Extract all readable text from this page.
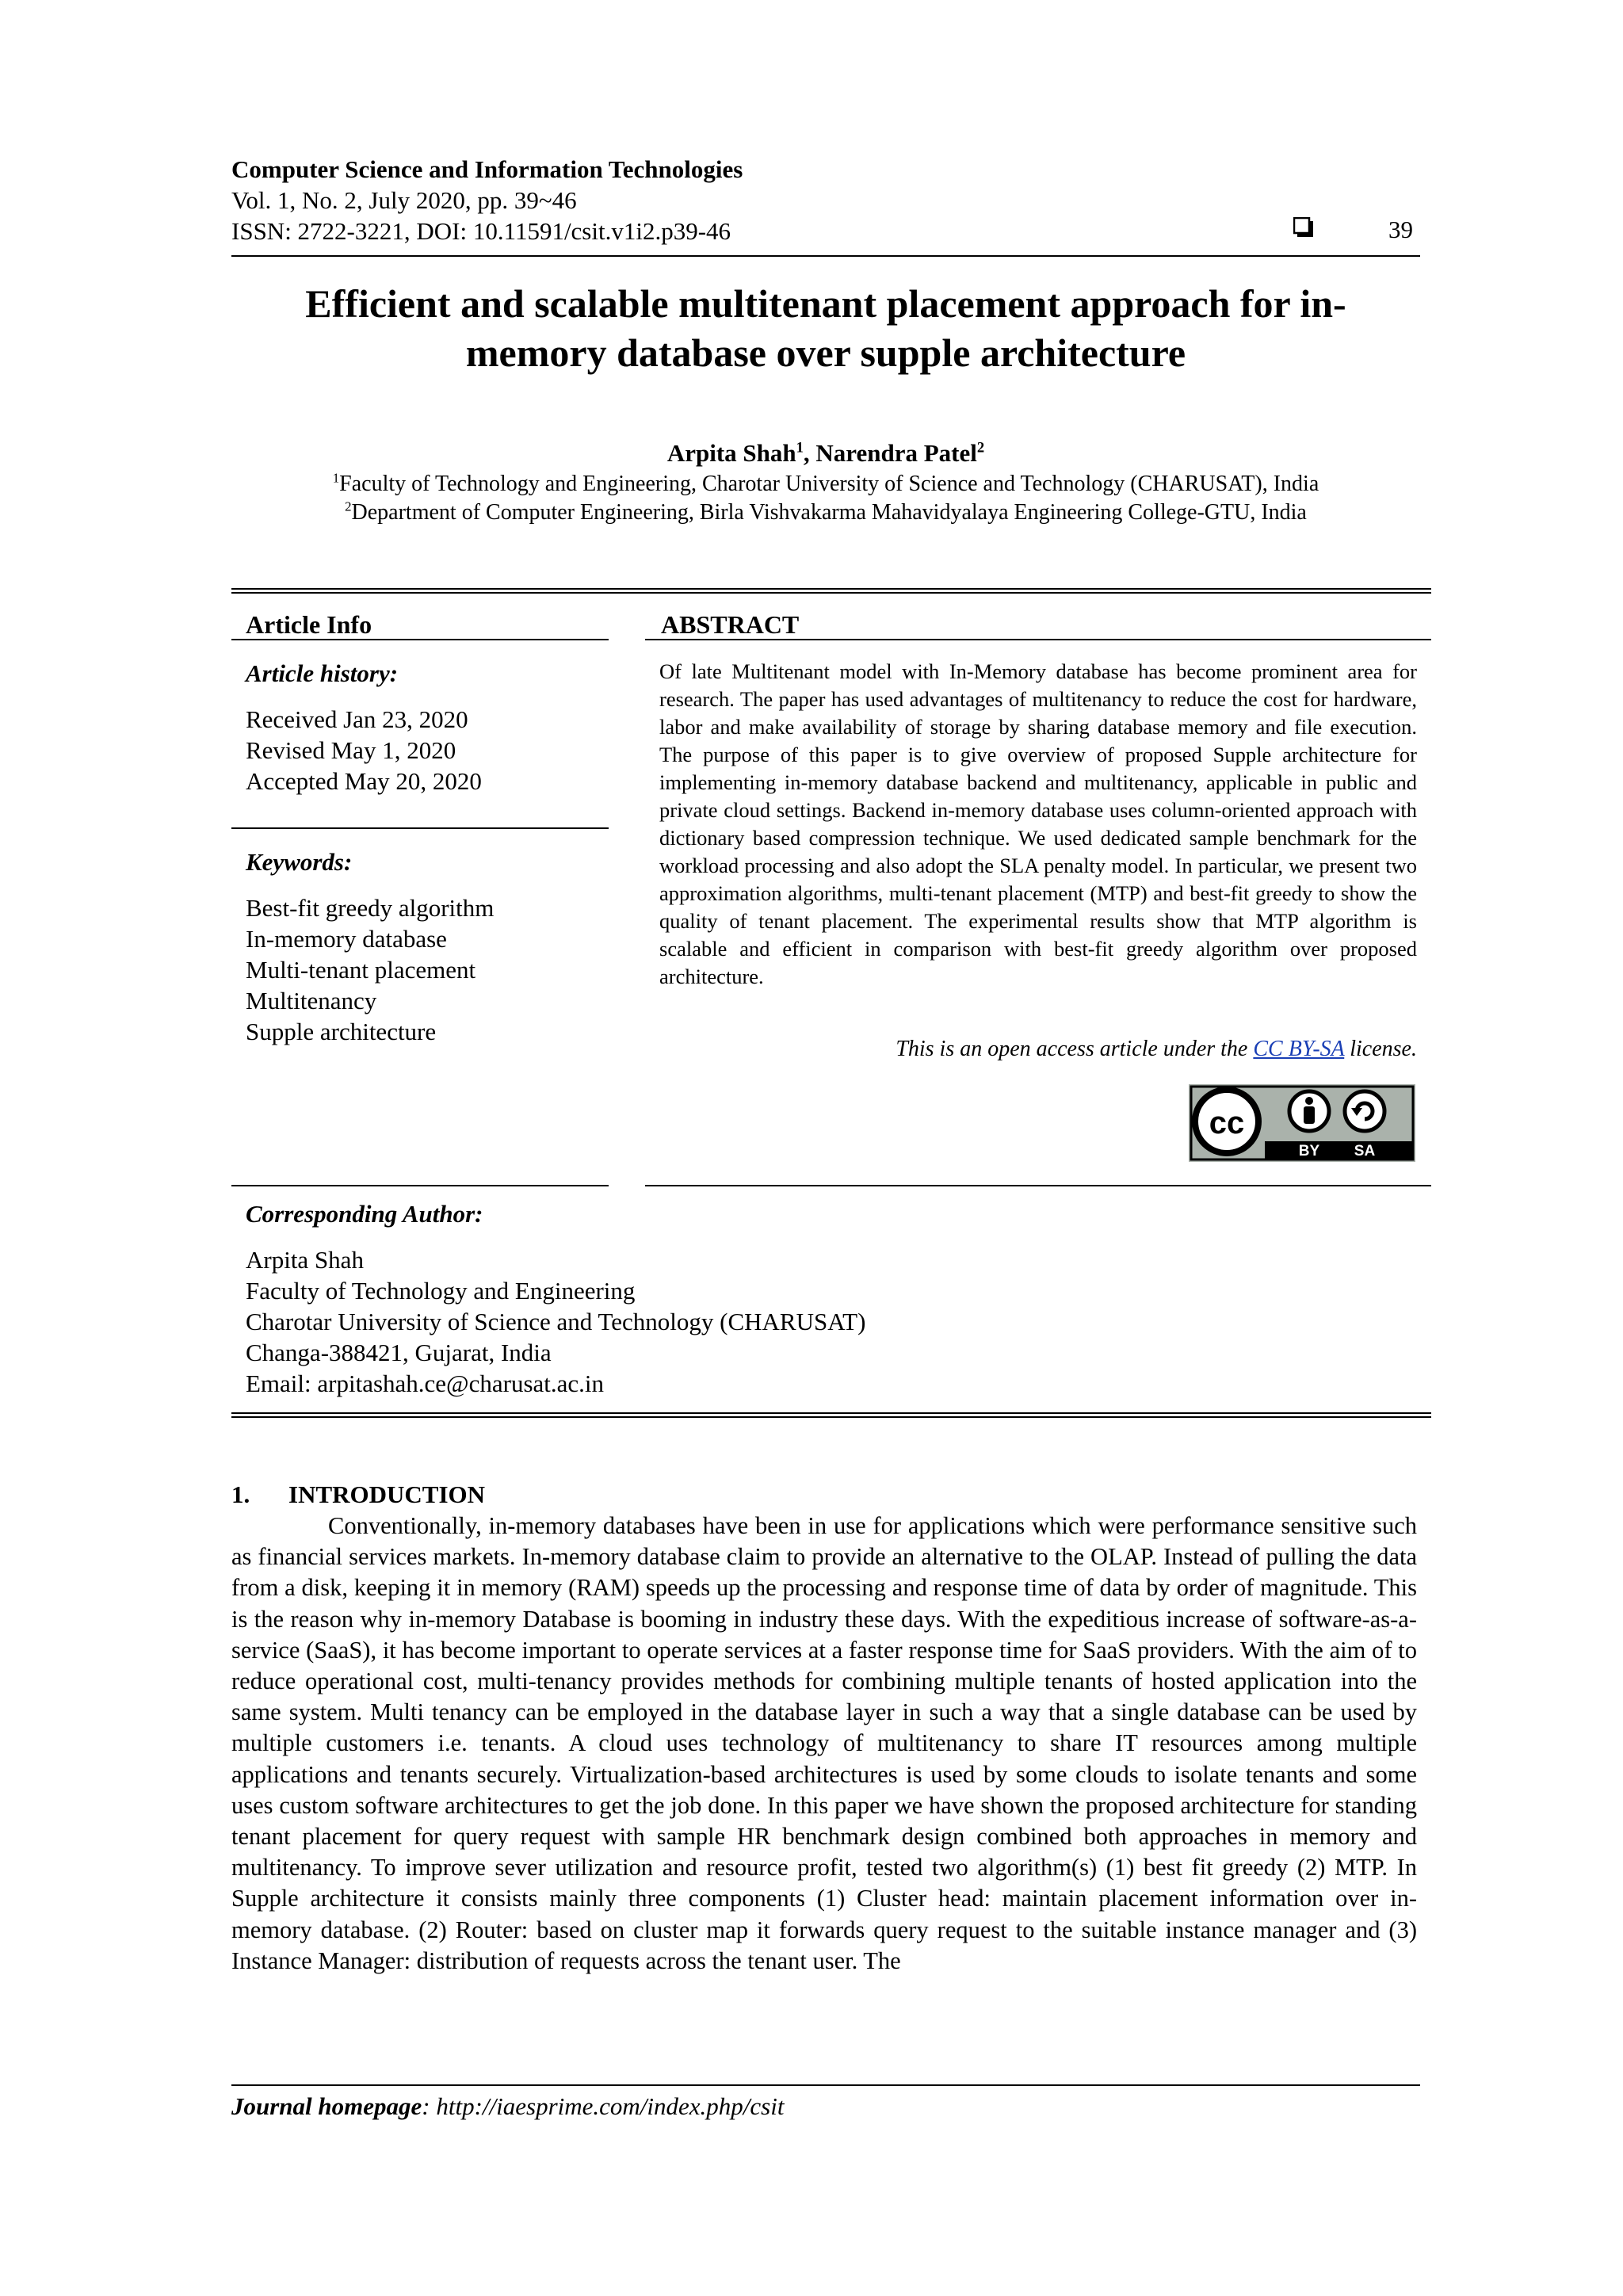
Computer Science and Information Technologies
Vol. 1, No. 2, July 2020, pp. 39~46
ISSN: 2722-3221, DOI: 10.11591/csit.v1i2.p39-46	39
Efficient and scalable multitenant placement approach for in-
memory database over supple architecture
Arpita Shah$^1$, Narendra Patel$^2$
$^1$Faculty of Technology and Engineering, Charotar University of Science and Technology (CHARUSAT), India
$^2$Department of Computer Engineering, Birla Vishvakarma Mahavidyalaya Engineering College-GTU, India
Article Info
Article history:
Received Jan 23, 2020
Revised May 1, 2020
Accepted May 20, 2020
Keywords:
Best-fit greedy algorithm
In-memory database
Multi-tenant placement
Multitenancy
Supple architecture
ABSTRACT
Of late Multitenant model with In-Memory database has become prominent area for research. The paper has used advantages of multitenancy to reduce the cost for hardware, labor and make availability of storage by sharing database memory and file execution. The purpose of this paper is to give overview of proposed Supple architecture for implementing in-memory database backend and multitenancy, applicable in public and private cloud settings. Backend in-memory database uses column-oriented approach with dictionary based compression technique. We used dedicated sample benchmark for the workload processing and also adopt the SLA penalty model. In particular, we present two approximation algorithms, multi-tenant placement (MTP) and best-fit greedy to show the quality of tenant placement. The experimental results show that MTP algorithm is scalable and efficient in comparison with best-fit greedy algorithm over proposed architecture.
This is an open access article under the CC BY-SA license.
cc
BY SA
Corresponding Author:
Arpita Shah
Faculty of Technology and Engineering
Charotar University of Science and Technology (CHARUSAT)
Changa-388421, Gujarat, India
Email: arpitashah.ce@charusat.ac.in
1. INTRODUCTION
Conventionally, in-memory databases have been in use for applications which were performance sensitive such as financial services markets. In-memory database claim to provide an alternative to the OLAP. Instead of pulling the data from a disk, keeping it in memory (RAM) speeds up the processing and response time of data by order of magnitude. This is the reason why in-memory Database is booming in industry these days. With the expeditious increase of software-as-a-service (SaaS), it has become important to operate services at a faster response time for SaaS providers. With the aim of to reduce operational cost, multi-tenancy provides methods for combining multiple tenants of hosted application into the same system. Multi tenancy can be employed in the database layer in such a way that a single database can be used by multiple customers i.e. tenants. A cloud uses technology of multitenancy to share IT resources among multiple applications and tenants securely. Virtualization-based architectures is used by some clouds to isolate tenants and some uses custom software architectures to get the job done. In this paper we have shown the proposed architecture for standing tenant placement for query request with sample HR benchmark design combined both approaches in memory and multitenancy. To improve sever utilization and resource profit, tested two algorithm(s) (1) best fit greedy (2) MTP. In Supple architecture it consists mainly three components (1) Cluster head: maintain placement information over in-memory database. (2) Router: based on cluster map it forwards query request to the suitable instance manager and (3) Instance Manager: distribution of requests across the tenant user. The
Journal homepage: http://iaesprime.com/index.php/csit
